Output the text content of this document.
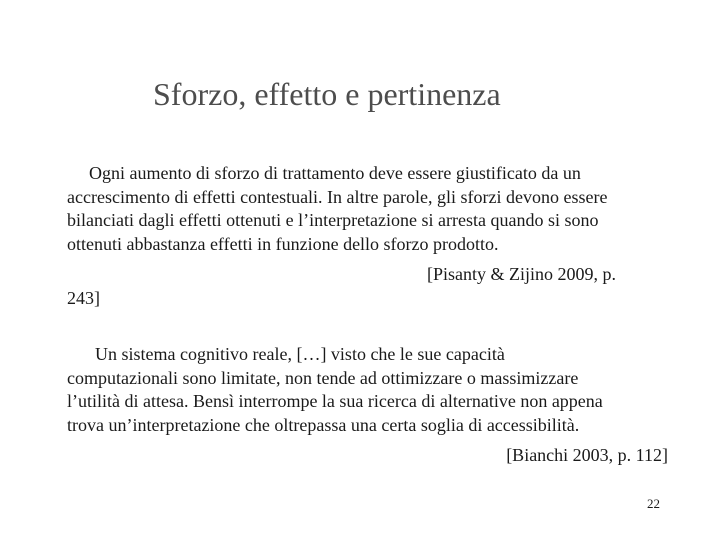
Sforzo, effetto e pertinenza

Ogni aumento di sforzo di trattamento deve essere giustificato da un
accrescimento di effetti contestuali. In altre parole, gli sforzi devono essere
bilanciati dagli effetti ottenuti e l’interpretazione si arresta quando si sono
ottenuti abbastanza effetti in funzione dello sforzo prodotto.

[Pisanty & Zijino 2009, p.
243]

Un sistema cognitivo reale, […] visto che le sue capacità
computazionali sono limitate, non tende ad ottimizzare o massimizzare
l’utilità di attesa. Bensì interrompe la sua ricerca di alternative non appena
trova un’interpretazione che oltrepassa una certa soglia di accessibilità.

[Bianchi 2003, p. 112]
22
